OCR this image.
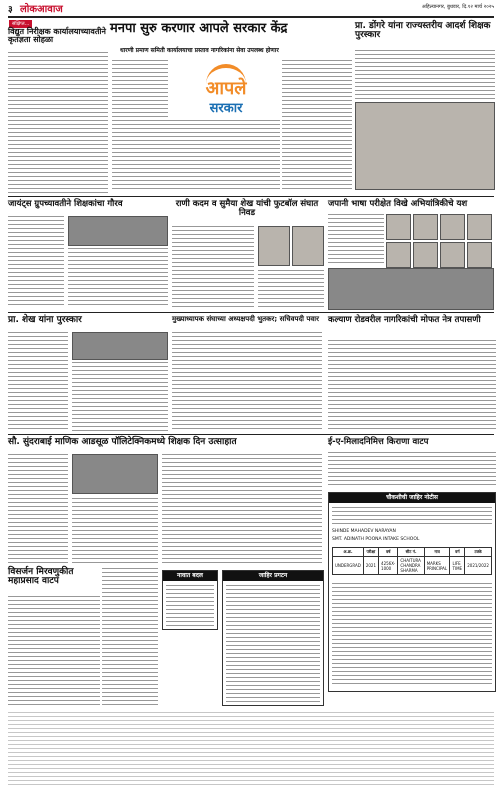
३ लोकआवाज	अहिल्यानगर, बुधवार, दि.१२ मार्च २०२५
संक्षिप्त...
विद्युत निरीक्षक कार्यालयाच्यावतीने कृतज्ञता सोहळा
मनपा सुरु करणार आपले सरकार केंद्र
धारणी प्रमाण समिती कार्यालयाचा प्रस्ताव नागरिकांना सेवा उपलब्ध होणार
आपले
सरकार
प्रा. डोंगरे यांना राज्यस्तरीय आदर्श शिक्षक पुरस्कार
जायंट्स ग्रुपच्यावतीने शिक्षकांचा गौरव	राणी कदम व सुमैया शेख यांची फुटबॉल संघात निवड
जपानी भाषा परीक्षेत विखे अभियांत्रिकीचे यश
प्रा. शेख यांना पुरस्कार	मुख्याध्यापक संघाच्या अध्यक्षपदी भुतकर; सचिवपदी पवार	कल्याण रोडवरील नागरिकांची मोफत नेत्र तपासणी
सौ. सुंदराबाई माणिक आडसूळ पॉलिटेक्निकमध्ये शिक्षक दिन उत्साहात	ई-ए-मिलादनिमित्त किराणा वाटप
चौकशीची जाहिर नोटीस
SHINDE MAHADEV NARAYAN
SMT. ADINATH POONA INTAKE SCHOOL
अ.क्र.	परीक्षा	वर्ष	सीट नं.	नाव	वर्ग	टक्के
UNDERGRAD	2021	4256X-1000	CHAITURA CHANDRA SHARMA	MARKS PRINCIPAL	LIFE TIME	2021/2022
विसर्जन मिरवणुकीत महाप्रसाद वाटप
नावात बदल	जाहिर प्रगटन
